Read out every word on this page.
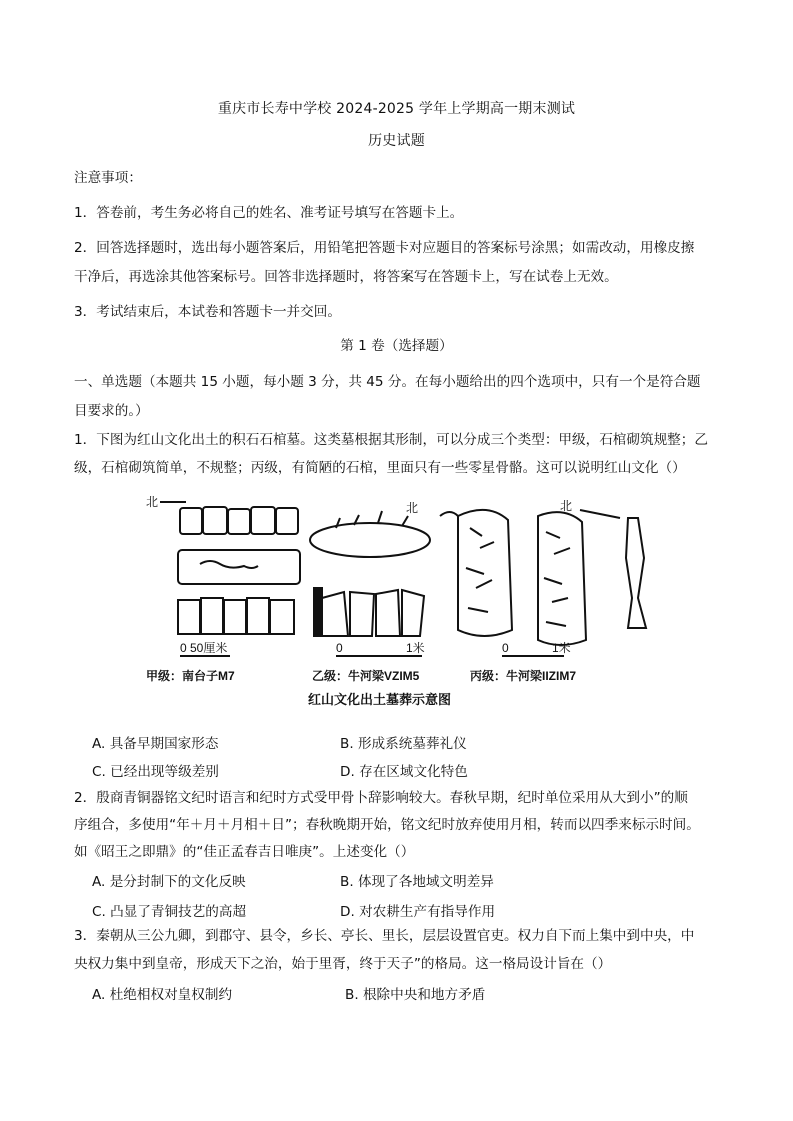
重庆市长寿中学校 2024-2025 学年上学期高一期末测试
历史试题
注意事项：
1．答卷前，考生务必将自己的姓名、准考证号填写在答题卡上。
2．回答选择题时，选出每小题答案后，用铅笔把答题卡对应题目的答案标号涂黑；如需改动，用橡皮擦
干净后，再选涂其他答案标号。回答非选择题时，将答案写在答题卡上，写在试卷上无效。
3．考试结束后，本试卷和答题卡一并交回。
第 1 卷（选择题）
一、单选题（本题共 15 小题，每小题 3 分，共 45 分。在每小题给出的四个选项中，只有一个是符合题
目要求的。）
1．下图为红山文化出土的积石石棺墓。这类墓根据其形制，可以分成三个类型：甲级，石棺砌筑规整；乙
级，石棺砌筑简单，不规整；丙级，有简陋的石棺，里面只有一些零星骨骼。这可以说明红山文化（）
北	北	北
0 50厘米	0	1米	0	1米
甲级：南台子M7	乙级：牛河梁VZIM5	丙级：牛河梁IIZIM7
红山文化出土墓葬示意图
A. 具备早期国家形态	B. 形成系统墓葬礼仪
C. 已经出现等级差别	D. 存在区域文化特色
2．殷商青铜器铭文纪时语言和纪时方式受甲骨卜辞影响较大。春秋早期，纪时单位采用从大到小”的顺
序组合，多使用“年＋月＋月相＋日”；春秋晚期开始，铭文纪时放弃使用月相，转而以四季来标示时间。
如《昭王之即鼎》的“佳正孟春吉日唯庚”。上述变化（）
A. 是分封制下的文化反映	B. 体现了各地域文明差异
C. 凸显了青铜技艺的高超	D. 对农耕生产有指导作用
3．秦朝从三公九卿，到郡守、县令，乡长、亭长、里长，层层设置官吏。权力自下而上集中到中央，中
央权力集中到皇帝，形成天下之治，始于里胥，终于天子”的格局。这一格局设计旨在（）
A. 杜绝相权对皇权制约	B. 根除中央和地方矛盾
